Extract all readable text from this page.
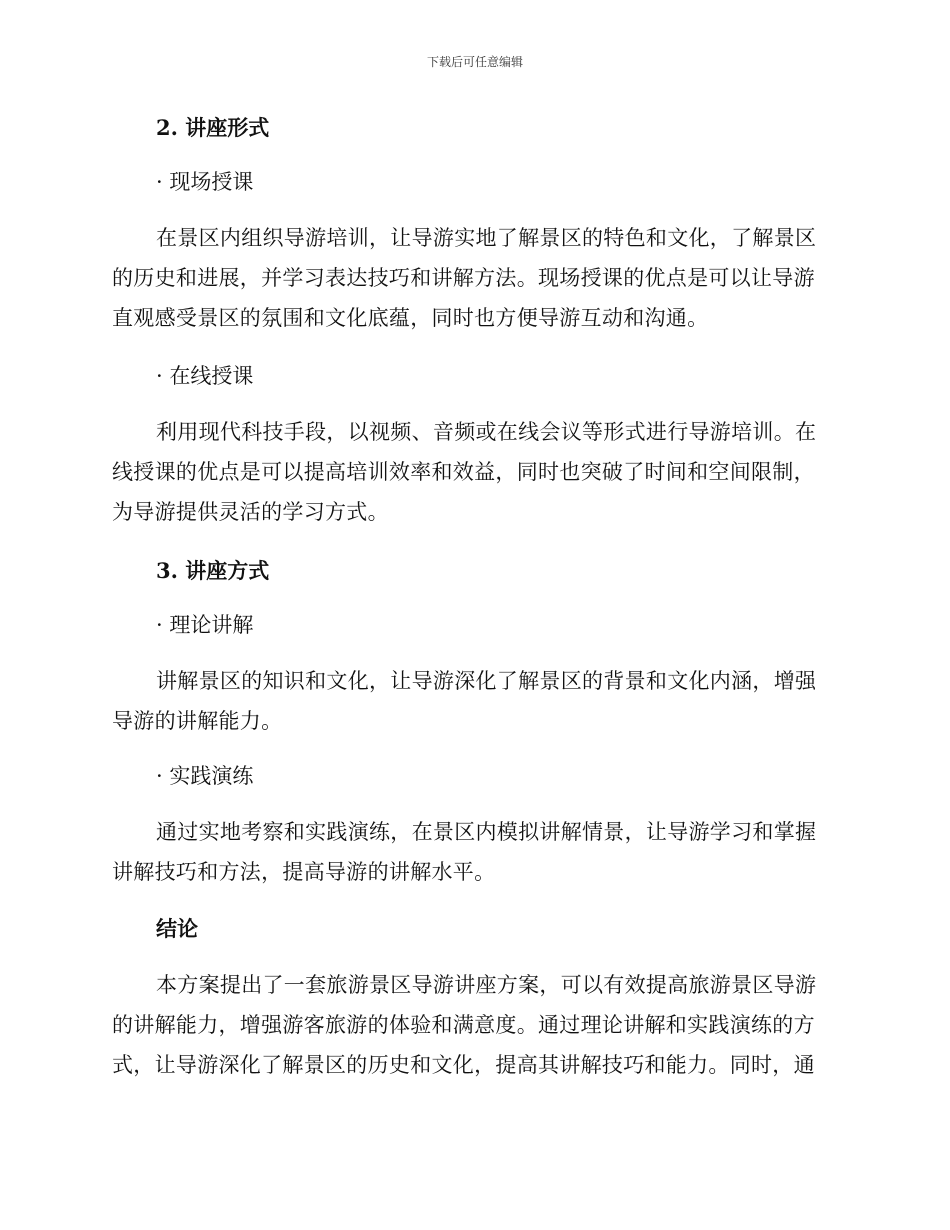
下载后可任意编辑
2. 讲座形式
· 现场授课

在景区内组织导游培训，让导游实地了解景区的特色和文化，了解景区的历史和进展，并学习表达技巧和讲解方法。现场授课的优点是可以让导游直观感受景区的氛围和文化底蕴，同时也方便导游互动和沟通。

· 在线授课

利用现代科技手段，以视频、音频或在线会议等形式进行导游培训。在线授课的优点是可以提高培训效率和效益，同时也突破了时间和空间限制，为导游提供灵活的学习方式。

3. 讲座方式
· 理论讲解

讲解景区的知识和文化，让导游深化了解景区的背景和文化内涵，增强导游的讲解能力。

· 实践演练

通过实地考察和实践演练，在景区内模拟讲解情景，让导游学习和掌握讲解技巧和方法，提高导游的讲解水平。

结论

本方案提出了一套旅游景区导游讲座方案，可以有效提高旅游景区导游的讲解能力，增强游客旅游的体验和满意度。通过理论讲解和实践演练的方式，让导游深化了解景区的历史和文化，提高其讲解技巧和能力。同时，通
